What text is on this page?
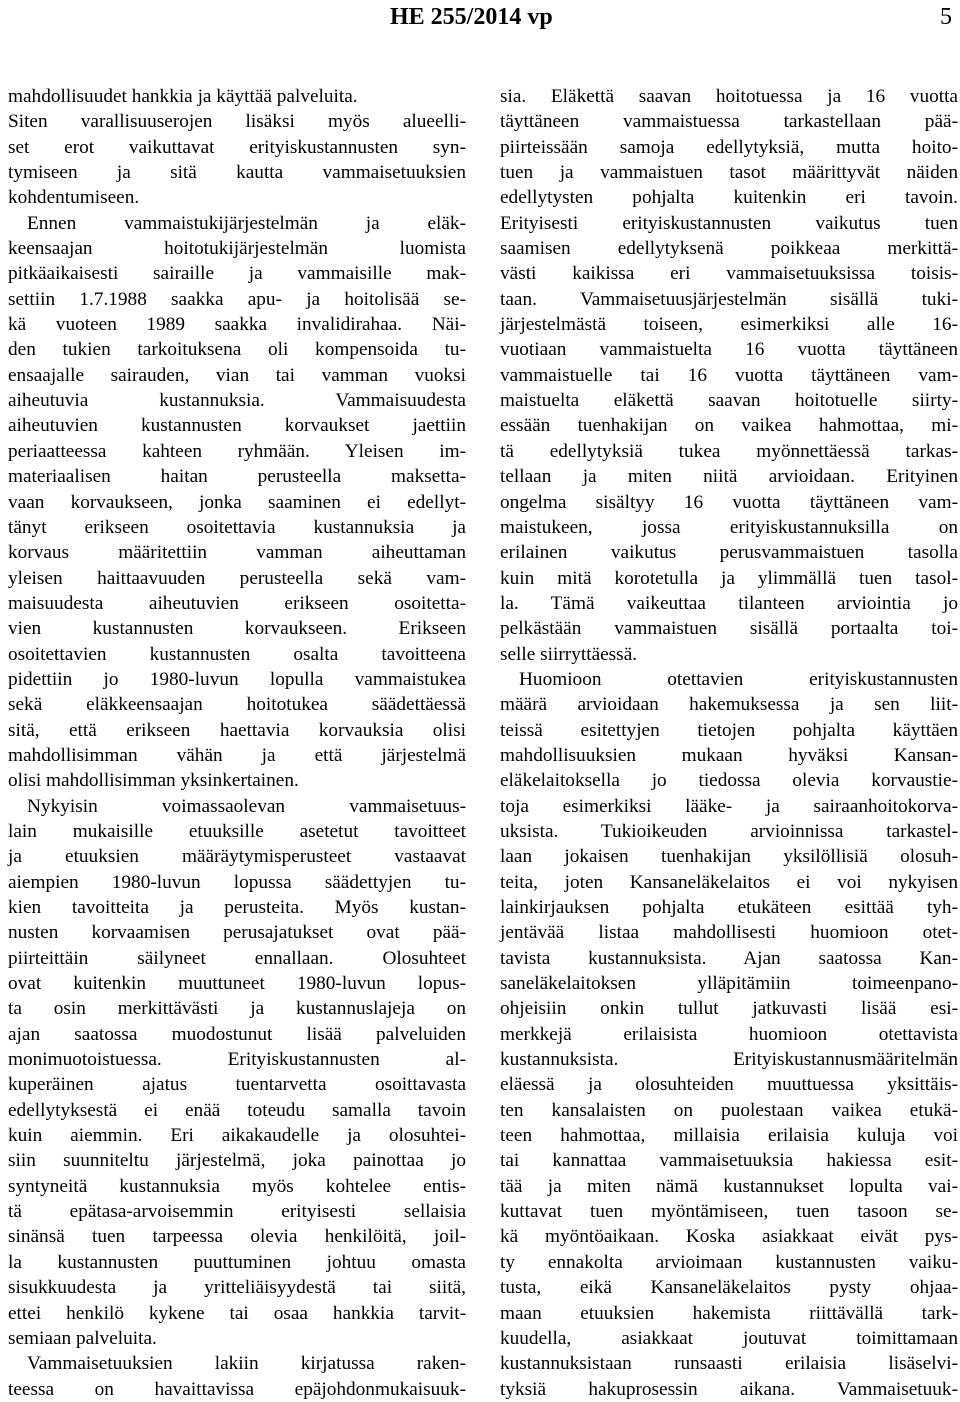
HE 255/2014 vp	5
mahdollisuudet hankkia ja käyttää palveluita.
Siten varallisuuserojen lisäksi myös alueelli-
set erot vaikuttavat erityiskustannusten syn-
tymiseen ja sitä kautta vammaisetuuksien
kohdentumiseen.
Ennen vammaistukijärjestelmän ja eläk-
keensaajan hoitotukijärjestelmän luomista
pitkäaikaisesti sairaille ja vammaisille mak-
settiin 1.7.1988 saakka apu- ja hoitolisää se-
kä vuoteen 1989 saakka invalidirahaa. Näi-
den tukien tarkoituksena oli kompensoida tu-
ensaajalle sairauden, vian tai vamman vuoksi
aiheutuvia kustannuksia. Vammaisuudesta
aiheutuvien kustannusten korvaukset jaettiin
periaatteessa kahteen ryhmään. Yleisen im-
materiaalisen haitan perusteella maksetta-
vaan korvaukseen, jonka saaminen ei edellyt-
tänyt erikseen osoitettavia kustannuksia ja
korvaus määritettiin vamman aiheuttaman
yleisen haittaavuuden perusteella sekä vam-
maisuudesta aiheutuvien erikseen osoitetta-
vien kustannusten korvaukseen. Erikseen
osoitettavien kustannusten osalta tavoitteena
pidettiin jo 1980-luvun lopulla vammaistukea
sekä eläkkeensaajan hoitotukea säädettäessä
sitä, että erikseen haettavia korvauksia olisi
mahdollisimman vähän ja että järjestelmä
olisi mahdollisimman yksinkertainen.
Nykyisin voimassaolevan vammaisetuus-
lain mukaisille etuuksille asetetut tavoitteet
ja etuuksien määräytymisperusteet vastaavat
aiempien 1980-luvun lopussa säädettyjen tu-
kien tavoitteita ja perusteita. Myös kustan-
nusten korvaamisen perusajatukset ovat pää-
piirteittäin säilyneet ennallaan. Olosuhteet
ovat kuitenkin muuttuneet 1980-luvun lopus-
ta osin merkittävästi ja kustannuslajeja on
ajan saatossa muodostunut lisää palveluiden
monimuotoistuessa. Erityiskustannusten al-
kuperäinen ajatus tuentarvetta osoittavasta
edellytyksestä ei enää toteudu samalla tavoin
kuin aiemmin. Eri aikakaudelle ja olosuhtei-
siin suunniteltu järjestelmä, joka painottaa jo
syntyneitä kustannuksia myös kohtelee entis-
tä epätasa-arvoisemmin erityisesti sellaisia
sinänsä tuen tarpeessa olevia henkilöitä, joil-
la kustannusten puuttuminen johtuu omasta
sisukkuudesta ja yritteliäisyydestä tai siitä,
ettei henkilö kykene tai osaa hankkia tarvit-
semiaan palveluita.
Vammaisetuuksien lakiin kirjatussa raken-
teessa on havaittavissa epäjohdonmukaisuuk-
sia. Eläkettä saavan hoitotuessa ja 16 vuotta
täyttäneen vammaistuessa tarkastellaan pää-
piirteissään samoja edellytyksiä, mutta hoito-
tuen ja vammaistuen tasot määrittyvät näiden
edellytysten pohjalta kuitenkin eri tavoin.
Erityisesti erityiskustannusten vaikutus tuen
saamisen edellytyksenä poikkeaa merkittä-
västi kaikissa eri vammaisetuuksissa toisis-
taan. Vammaisetuusjärjestelmän sisällä tuki-
järjestelmästä toiseen, esimerkiksi alle 16-
vuotiaan vammaistuelta 16 vuotta täyttäneen
vammaistuelle tai 16 vuotta täyttäneen vam-
maistuelta eläkettä saavan hoitotuelle siirty-
essään tuenhakijan on vaikea hahmottaa, mi-
tä edellytyksiä tukea myönnettäessä tarkas-
tellaan ja miten niitä arvioidaan. Erityinen
ongelma sisältyy 16 vuotta täyttäneen vam-
maistukeen, jossa erityiskustannuksilla on
erilainen vaikutus perusvammaistuen tasolla
kuin mitä korotetulla ja ylimmällä tuen tasol-
la. Tämä vaikeuttaa tilanteen arviointia jo
pelkästään vammaistuen sisällä portaalta toi-
selle siirryttäessä.
Huomioon otettavien erityiskustannusten
määrä arvioidaan hakemuksessa ja sen liit-
teissä esitettyjen tietojen pohjalta käyttäen
mahdollisuuksien mukaan hyväksi Kansan-
eläkelaitoksella jo tiedossa olevia korvaustie-
toja esimerkiksi lääke- ja sairaanhoitokorva-
uksista. Tukioikeuden arvioinnissa tarkastel-
laan jokaisen tuenhakijan yksilöllisiä olosuh-
teita, joten Kansaneläkelaitos ei voi nykyisen
lainkirjauksen pohjalta etukäteen esittää tyh-
jentävää listaa mahdollisesti huomioon otet-
tavista kustannuksista. Ajan saatossa Kan-
saneläkelaitoksen ylläpitämiin toimeenpano-
ohjeisiin onkin tullut jatkuvasti lisää esi-
merkkejä erilaisista huomioon otettavista
kustannuksista. Erityiskustannusmääritelmän
eläessä ja olosuhteiden muuttuessa yksittäis-
ten kansalaisten on puolestaan vaikea etukä-
teen hahmottaa, millaisia erilaisia kuluja voi
tai kannattaa vammaisetuuksia hakiessa esit-
tää ja miten nämä kustannukset lopulta vai-
kuttavat tuen myöntämiseen, tuen tasoon se-
kä myöntöaikaan. Koska asiakkaat eivät pys-
ty ennakolta arvioimaan kustannusten vaiku-
tusta, eikä Kansaneläkelaitos pysty ohjaa-
maan etuuksien hakemista riittävällä tark-
kuudella, asiakkaat joutuvat toimittamaan
kustannuksistaan runsaasti erilaisia lisäselvi-
tyksiä hakuprosessin aikana. Vammaisetuuk-
